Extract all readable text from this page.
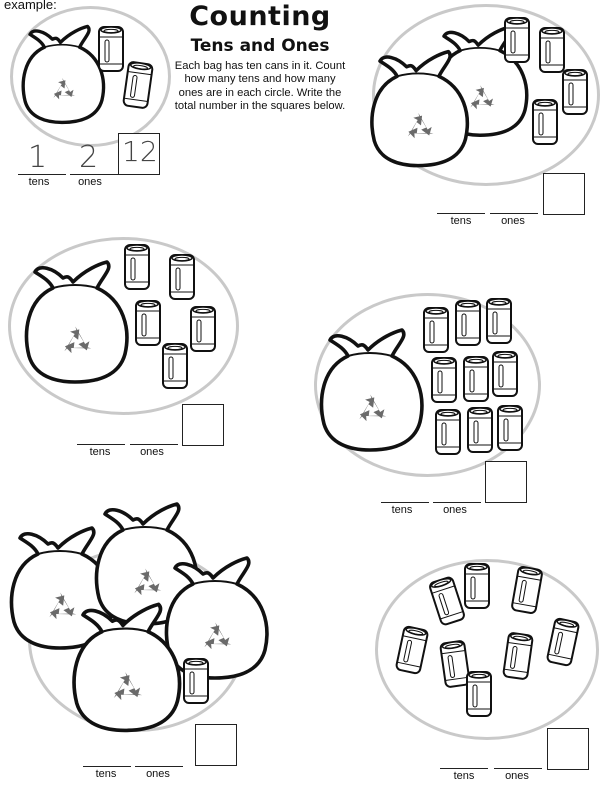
example:	Counting
Tens and Ones
Each bag has ten cans in it. Count how many tens and how many ones are in each circle. Write the total number in the squares below.
1 2
tens	ones
12
tens	ones
tens	ones
tens	ones
tens	ones	tens	ones
